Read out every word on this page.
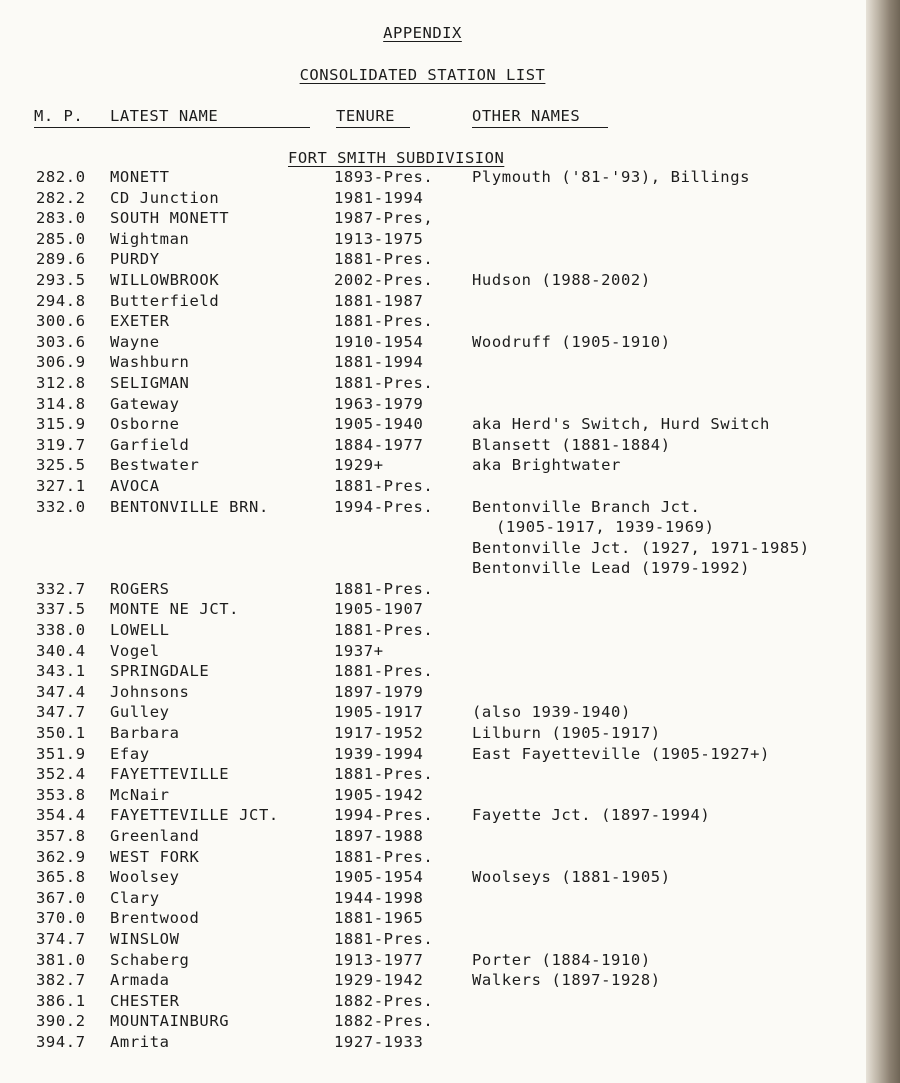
APPENDIX
CONSOLIDATED STATION LIST
M. P. LATEST NAME	TENURE	OTHER NAMES
FORT SMITH SUBDIVISION
282.0 MONETT	1893-Pres. Plymouth ('81-'93), Billings
282.2 CD Junction	1981-1994
283.0 SOUTH MONETT	1987-Pres,
285.0 Wightman	1913-1975
289.6 PURDY	1881-Pres.
293.5 WILLOWBROOK	2002-Pres. Hudson (1988-2002)
294.8 Butterfield	1881-1987
300.6 EXETER	1881-Pres.
303.6 Wayne	1910-1954	Woodruff (1905-1910)
306.9 Washburn	1881-1994
312.8 SELIGMAN	1881-Pres.
314.8 Gateway	1963-1979
315.9 Osborne	1905-1940	aka Herd's Switch, Hurd Switch
319.7 Garfield	1884-1977	Blansett (1881-1884)
325.5 Bestwater	1929+	aka Brightwater
327.1 AVOCA	1881-Pres.
332.0 BENTONVILLE BRN.	1994-Pres. Bentonville Branch Jct.
(1905-1917, 1939-1969)
Bentonville Jct. (1927, 1971-1985)
Bentonville Lead (1979-1992)
332.7 ROGERS	1881-Pres.
337.5 MONTE NE JCT.	1905-1907
338.0 LOWELL	1881-Pres.
340.4 Vogel	1937+
343.1 SPRINGDALE	1881-Pres.
347.4 Johnsons	1897-1979
347.7 Gulley	1905-1917	(also 1939-1940)
350.1 Barbara	1917-1952	Lilburn (1905-1917)
351.9 Efay	1939-1994	East Fayetteville (1905-1927+)
352.4 FAYETTEVILLE	1881-Pres.
353.8 McNair	1905-1942
354.4 FAYETTEVILLE JCT.	1994-Pres. Fayette Jct. (1897-1994)
357.8 Greenland	1897-1988
362.9 WEST FORK	1881-Pres.
365.8 Woolsey	1905-1954	Woolseys (1881-1905)
367.0 Clary	1944-1998
370.0 Brentwood	1881-1965
374.7 WINSLOW	1881-Pres.
381.0 Schaberg	1913-1977	Porter (1884-1910)
382.7 Armada	1929-1942	Walkers (1897-1928)
386.1 CHESTER	1882-Pres.
390.2 MOUNTAINBURG	1882-Pres.
394.7 Amrita	1927-1933
